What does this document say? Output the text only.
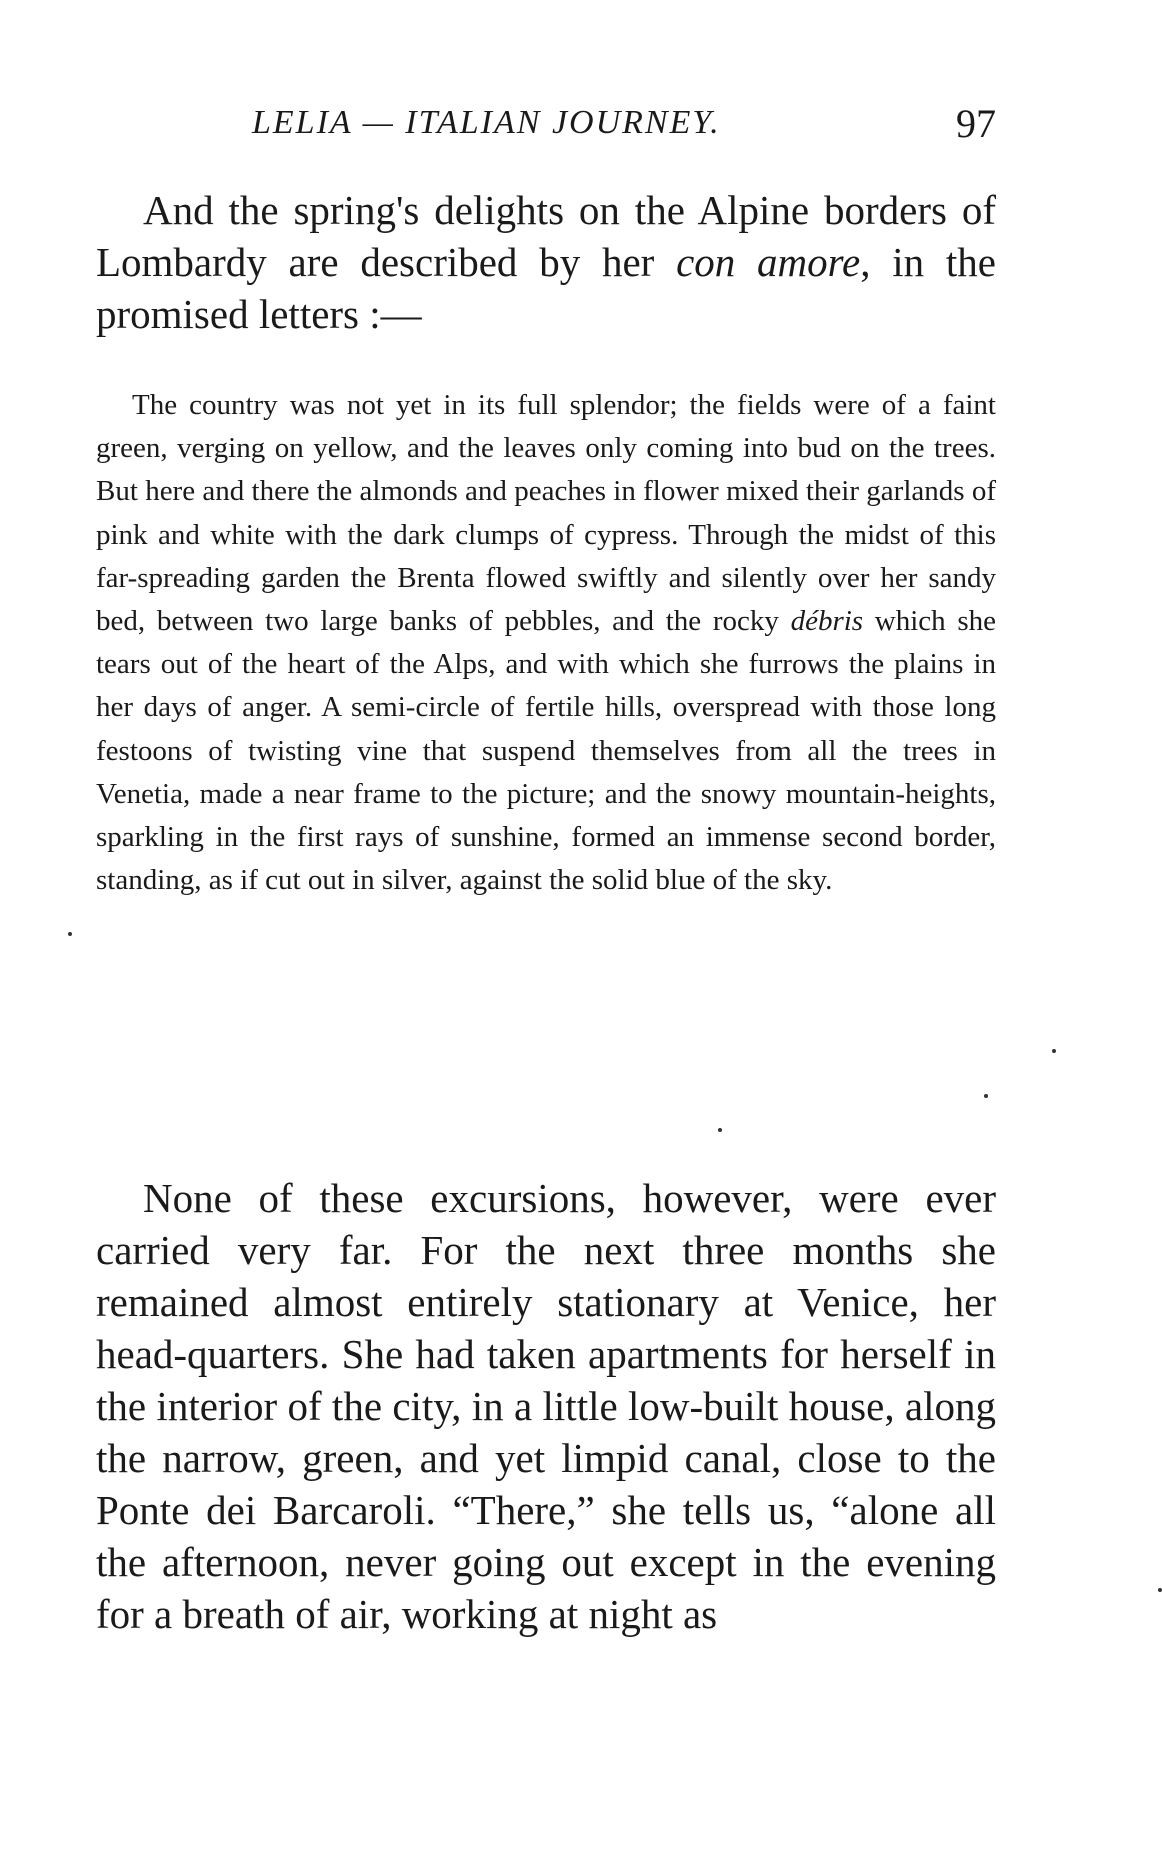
LELIA — ITALIAN JOURNEY.	97

And the spring's delights on the Alpine borders of Lombardy are described by her con amore, in the promised letters :—

The country was not yet in its full splendor; the fields were of a faint green, verging on yellow, and the leaves only coming into bud on the trees. But here and there the almonds and peaches in flower mixed their garlands of pink and white with the dark clumps of cypress. Through the midst of this far-spreading garden the Brenta flowed swiftly and silently over her sandy bed, between two large banks of pebbles, and the rocky débris which she tears out of the heart of the Alps, and with which she furrows the plains in her days of anger. A semi-circle of fertile hills, overspread with those long festoons of twisting vine that suspend themselves from all the trees in Venetia, made a near frame to the picture; and the snowy mountain-heights, sparkling in the first rays of sunshine, formed an immense second border, standing, as if cut out in silver, against the solid blue of the sky.

None of these excursions, however, were ever carried very far. For the next three months she remained almost entirely stationary at Venice, her head-quarters. She had taken apartments for herself in the interior of the city, in a little low-built house, along the narrow, green, and yet limpid canal, close to the Ponte dei Barcaroli. “There,” she tells us, “alone all the afternoon, never going out except in the evening for a breath of air, working at night as
